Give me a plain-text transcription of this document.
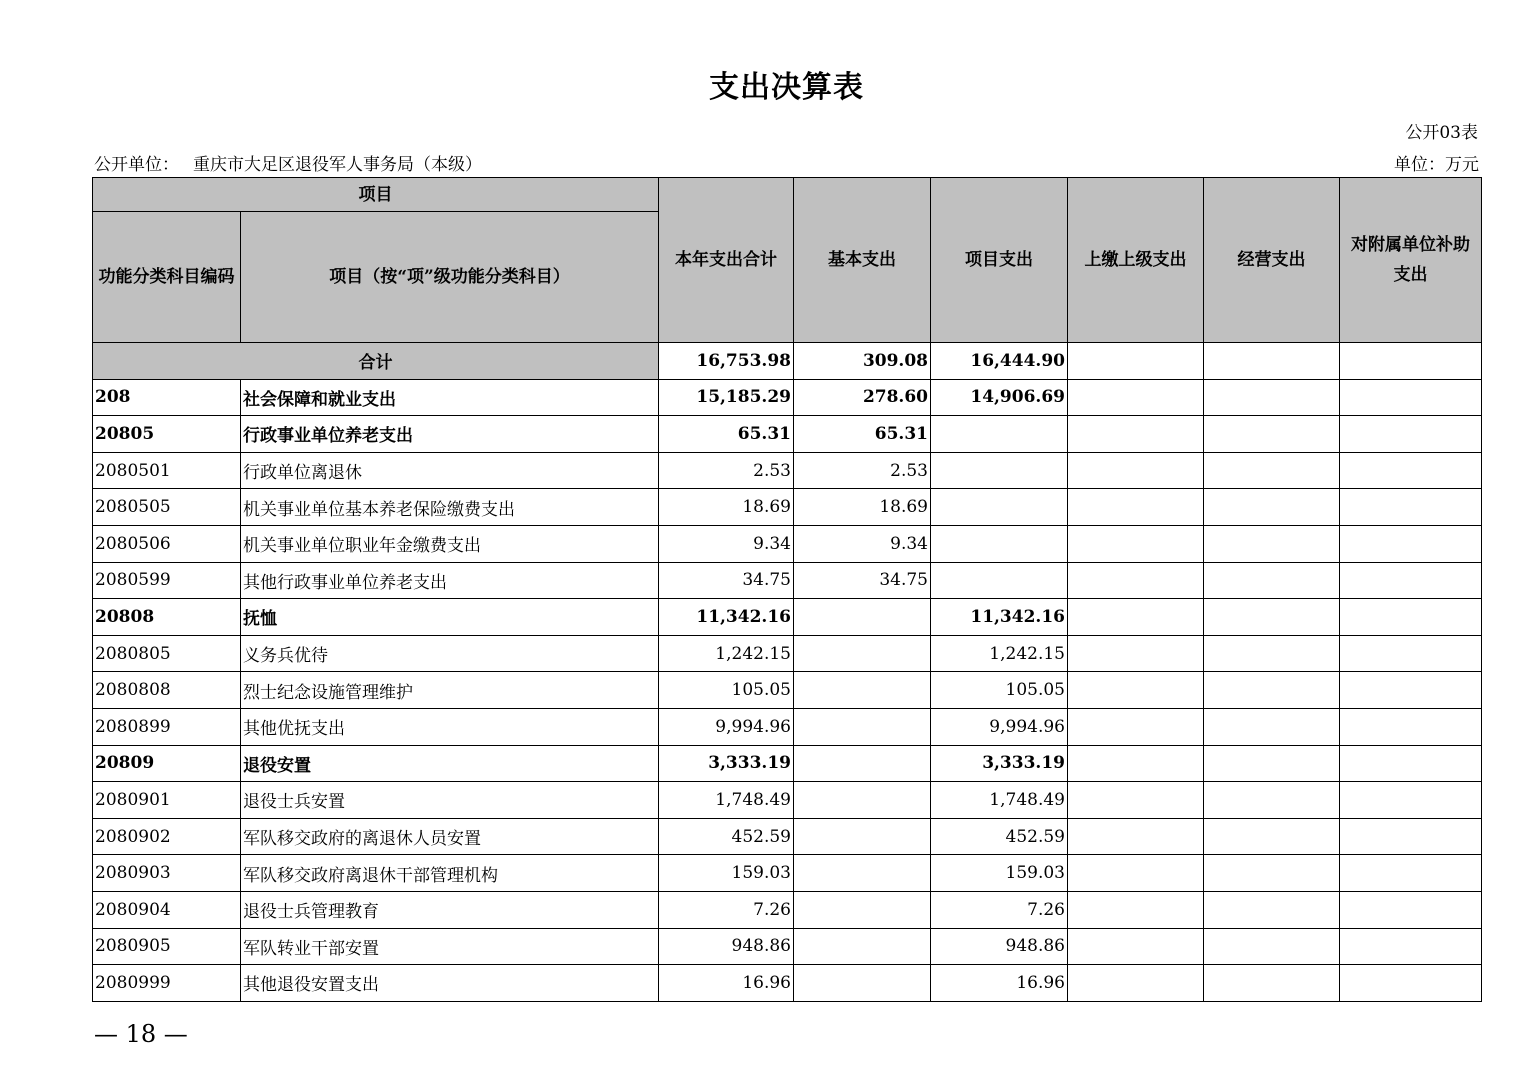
支出决算表
公开03表
公开单位： 重庆市大足区退役军人事务局（本级）	单位：万元
项目		本年支出合计	基本支出	项目支出	上缴上级支出	经营支出	对附属单位补助支出
功能分类科目编码	项目（按“项”级功能分类科目）						
合计		16,753.98	309.08	16,444.90			
208	社会保障和就业支出	15,185.29	278.60	14,906.69			
20805	行政事业单位养老支出	65.31	65.31				
2080501	行政单位离退休	2.53	2.53				
2080505	机关事业单位基本养老保险缴费支出	18.69	18.69				
2080506	机关事业单位职业年金缴费支出	9.34	9.34				
2080599	其他行政事业单位养老支出	34.75	34.75				
20808	抚恤	11,342.16		11,342.16			
2080805	义务兵优待	1,242.15		1,242.15			
2080808	烈士纪念设施管理维护	105.05		105.05			
2080899	其他优抚支出	9,994.96		9,994.96			
20809	退役安置	3,333.19		3,333.19			
2080901	退役士兵安置	1,748.49		1,748.49			
2080902	军队移交政府的离退休人员安置	452.59		452.59			
2080903	军队移交政府离退休干部管理机构	159.03		159.03			
2080904	退役士兵管理教育	7.26		7.26			
2080905	军队转业干部安置	948.86		948.86			
2080999	其他退役安置支出	16.96		16.96			
— 18 —
